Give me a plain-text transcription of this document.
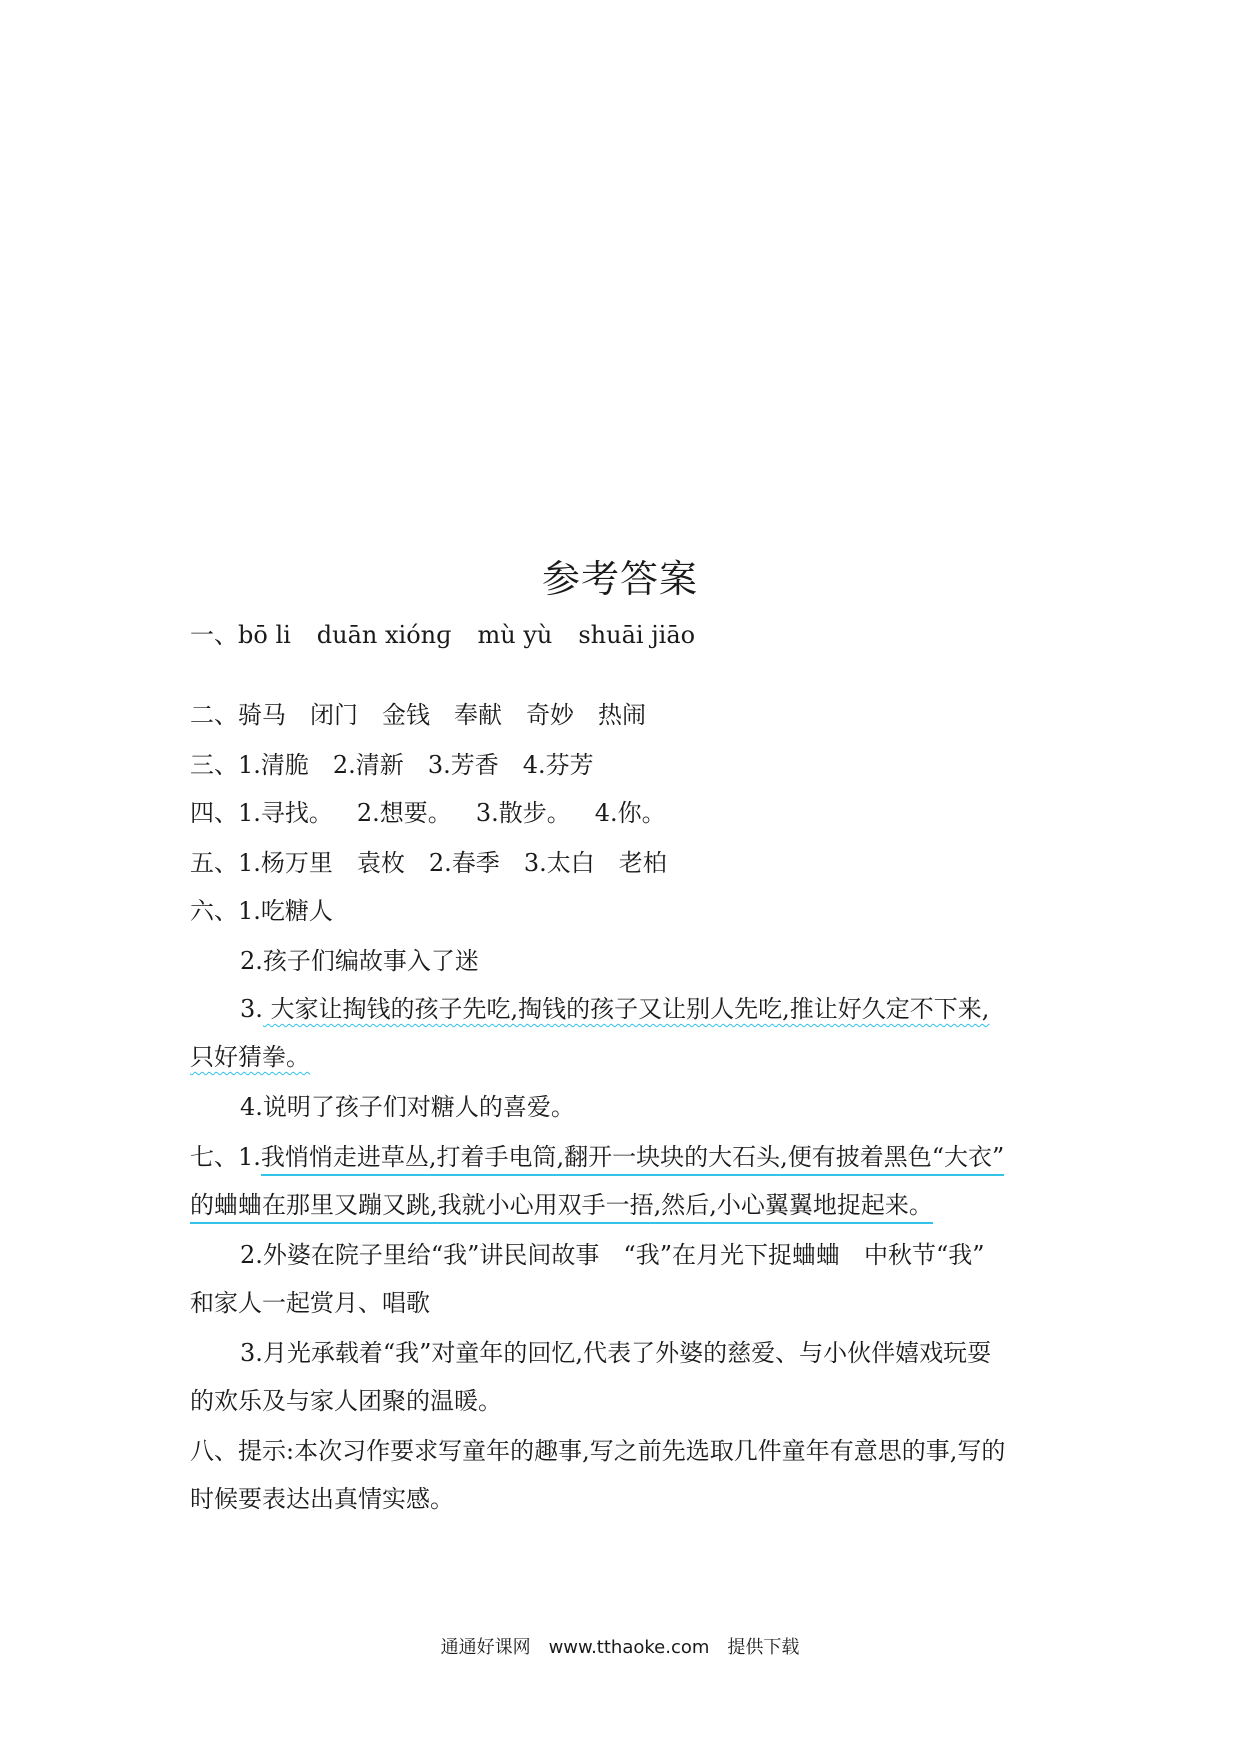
参考答案
一、bō li duān xiónɡ mù yù shuāi jiāo
二、骑马 闭门 金钱 奉献 奇妙 热闹
三、1.清脆 2.清新 3.芳香 4.芬芳
四、1.寻找。 2.想要。 3.散步。 4.你。
五、1.杨万里 袁枚 2.春季 3.太白 老柏
六、1.吃糖人
2.孩子们编故事入了迷
3. 大家让掏钱的孩子先吃,掏钱的孩子又让别人先吃,推让好久定不下来,
只好猜拳。
4.说明了孩子们对糖人的喜爱。
七、1.我悄悄走进草丛,打着手电筒,翻开一块块的大石头,便有披着黑色“大衣”
的蛐蛐在那里又蹦又跳,我就小心用双手一捂,然后,小心翼翼地捉起来。
2.外婆在院子里给“我”讲民间故事　“我”在月光下捉蛐蛐　中秋节“我”
和家人一起赏月、唱歌
3.月光承载着“我”对童年的回忆,代表了外婆的慈爱、与小伙伴嬉戏玩耍
的欢乐及与家人团聚的温暖。
八、提示:本次习作要求写童年的趣事,写之前先选取几件童年有意思的事,写的
时候要表达出真情实感。
通通好课网　www.tthaoke.com　提供下载
